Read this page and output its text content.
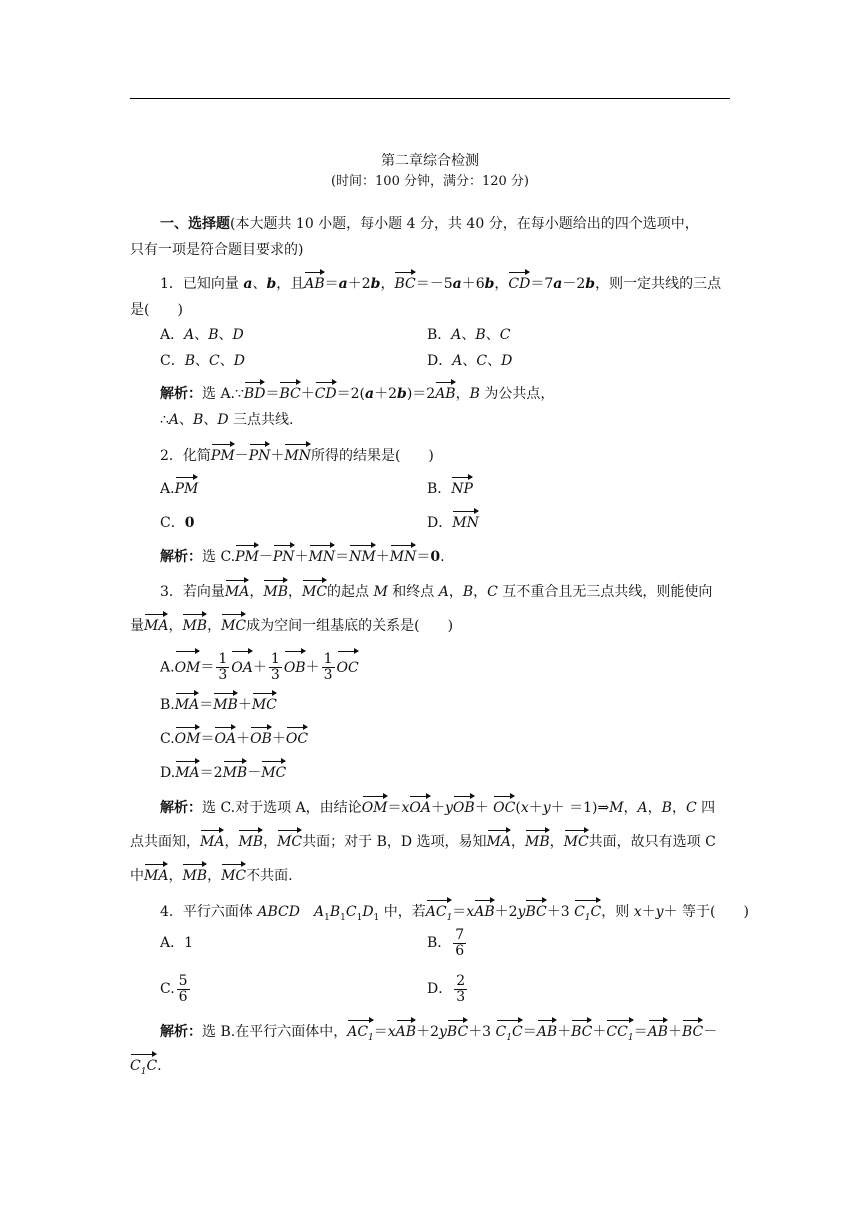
第二章综合检测
(时间：100 分钟，满分：120 分)
一、选择题(本大题共 10 小题，每小题 4 分，共 40 分，在每小题给出的四个选项中，
只有一项是符合题目要求的)
1．已知向量 a、b，且AB＝a＋2b，BC＝－5a＋6b，CD＝7a－2b，则一定共线的三点
是(　　)
A．A、B、D	B．A、B、C
C．B、C、D	D．A、C、D
解析：选 A.∵BD＝BC＋CD＝2(a＋2b)＝2AB，B 为公共点，
∴A、B、D 三点共线.
2．化简PM－PN＋MN所得的结果是(　　)
A.PM	B．NP
C．0	D．MN
解析：选 C.PM－PN＋MN＝NM＋MN＝0.
3．若向量MA，MB，MC的起点 M 和终点 A，B，C 互不重合且无三点共线，则能使向
量MA，MB，MC成为空间一组基底的关系是(　　)
$A.OM= \frac{1}{3} OA+ \frac{1}{3} OB+ \frac{1}{3}$ OC
B.MA＝MB＋MC
C.OM＝OA＋OB＋OC
D.MA＝2MB－MC
解析：选 C.对于选项 A，由结论OM＝xOA＋yOB＋ OC(x＋y＋ ＝1)⇒M，A，B，C 四
点共面知，MA，MB，MC共面；对于 B，D 选项，易知MA，MB，MC共面，故只有选项 C
中MA，MB，MC不共面.
4．平行六面体 ABCD　 $A_1B_1C_1D_1$ 中，若$AC_1=xAB+2yBC+3$ $C_1C$，则 x＋y＋ 等于(　　)
A．1	B． $\frac{7}{6}$
C. $\frac{5}{6}$	D． $\frac{2}{3}$
解析：选 B.在平行六面体中，$AC_1=xAB+2yBC+3$ $C_1C=AB+BC+CC_1=AB+BC-$
$C_1C$.
